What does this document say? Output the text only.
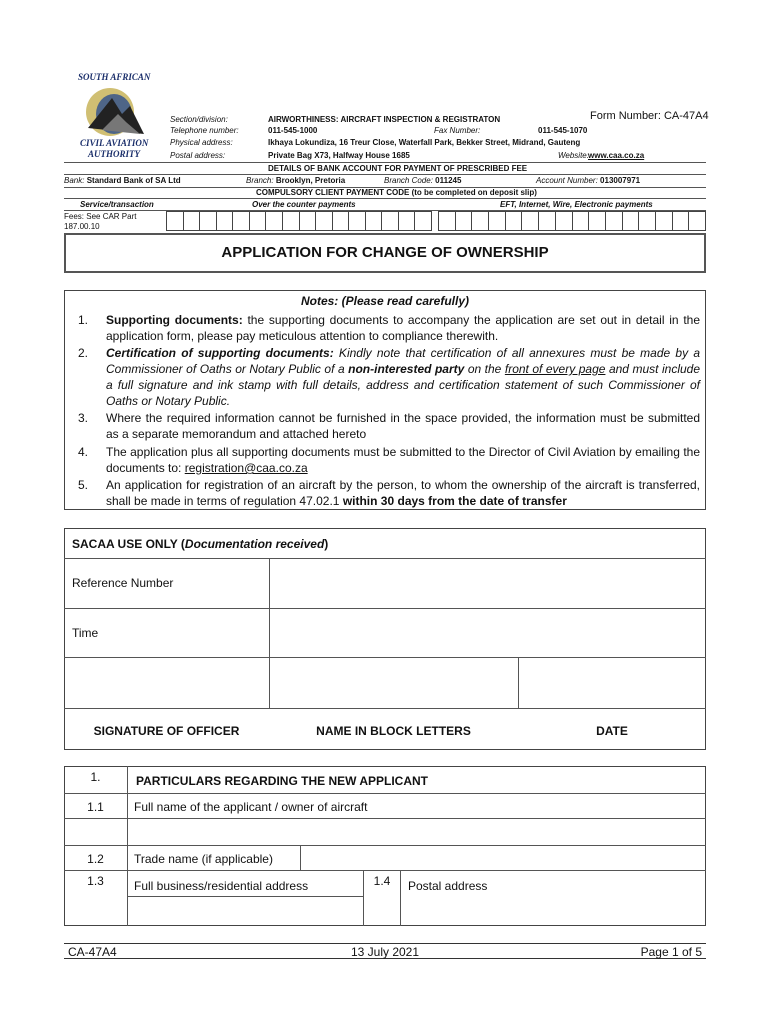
SOUTH AFRICAN
CIVIL AVIATION
AUTHORITY
Form Number: CA-47A4
Section/division:	AIRWORTHINESS: AIRCRAFT INSPECTION & REGISTRATON
Telephone number:	011-545-1000	Fax Number:	011-545-1070
Physical address:	Ikhaya Lokundiza, 16 Treur Close, Waterfall Park, Bekker Street, Midrand, Gauteng
Postal address:	Private Bag X73, Halfway House 1685	Website: www.caa.co.za
DETAILS OF BANK ACCOUNT FOR PAYMENT OF PRESCRIBED FEE
Bank: Standard Bank of SA Ltd	Branch: Brooklyn, Pretoria	Branch Code: 011245	Account Number: 013007971
COMPULSORY CLIENT PAYMENT CODE (to be completed on deposit slip)
Service/transaction	Over the counter payments	EFT, Internet, Wire, Electronic payments
Fees: See CAR Part
187.00.10
APPLICATION FOR CHANGE OF OWNERSHIP
Notes: (Please read carefully)
1.	Supporting documents: the supporting documents to accompany the application are set out in detail in the application form, please pay meticulous attention to compliance therewith.
2.	Certification of supporting documents: Kindly note that certification of all annexures must be made by a Commissioner of Oaths or Notary Public of a non-interested party on the front of every page and must include a full signature and ink stamp with full details, address and certification statement of such Commissioner of Oaths or Notary Public.
3.	Where the required information cannot be furnished in the space provided, the information must be submitted as a separate memorandum and attached hereto
4.	The application plus all supporting documents must be submitted to the Director of Civil Aviation by emailing the documents to: registration@caa.co.za
5.	An application for registration of an aircraft by the person, to whom the ownership of the aircraft is transferred, shall be made in terms of regulation 47.02.1 within 30 days from the date of transfer
SACAA USE ONLY (Documentation received)
Reference Number
Time
SIGNATURE OF OFFICER	NAME IN BLOCK LETTERS	DATE
1.	PARTICULARS REGARDING THE NEW APPLICANT
1.1	Full name of the applicant / owner of aircraft
1.2	Trade name (if applicable)
1.3	Full business/residential address	1.4	Postal address
CA-47A4	13 July 2021	Page 1 of 5
